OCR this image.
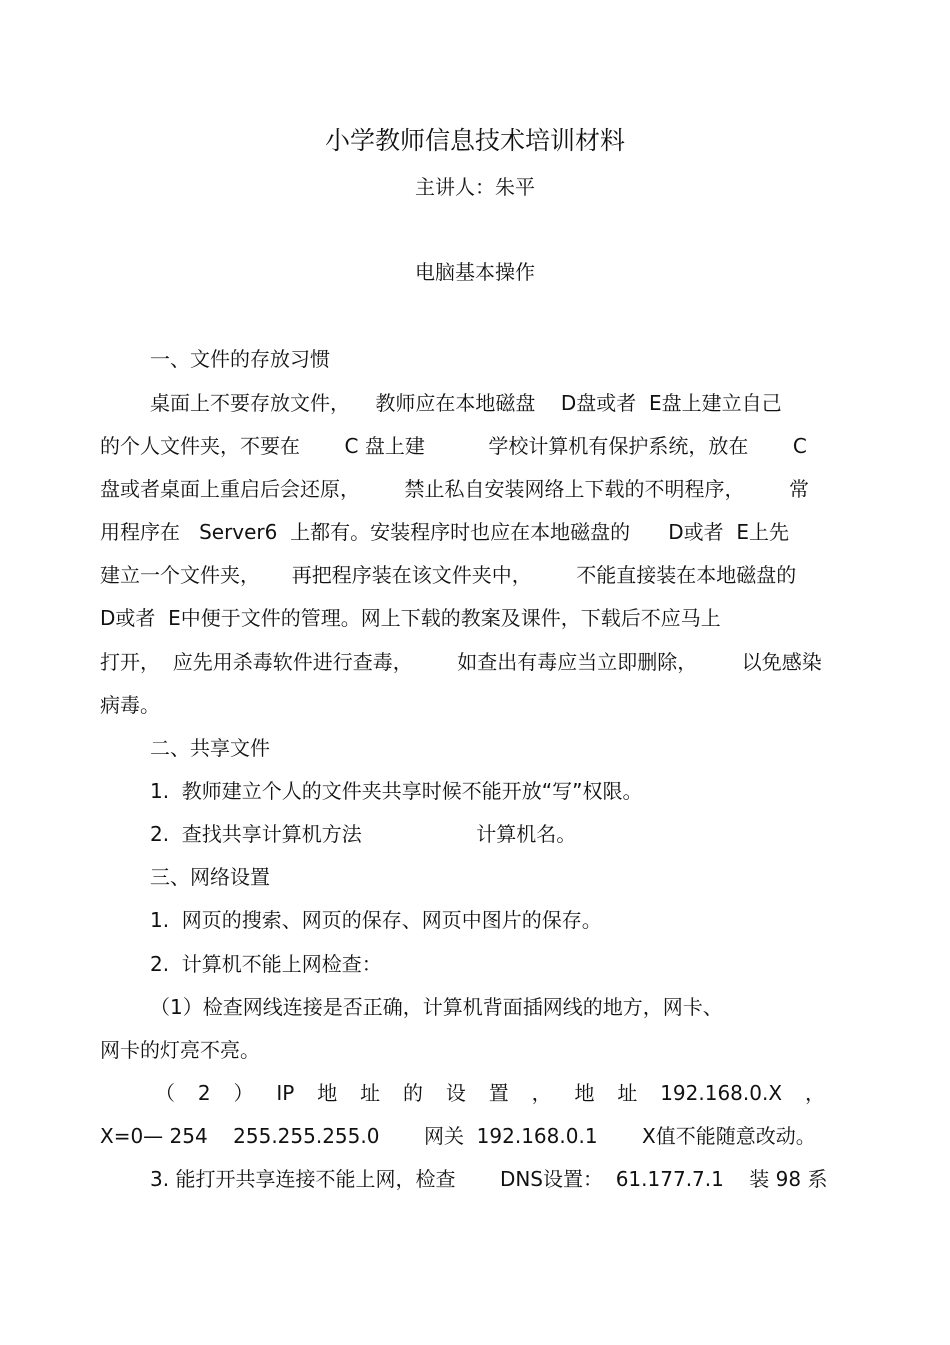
小学教师信息技术培训材料
主讲人：朱平
电脑基本操作
一、文件的存放习惯
桌面上不要存放文件，    教师应在本地磁盘    D盘或者  E盘上建立自己
的个人文件夹，不要在       C 盘上建          学校计算机有保护系统，放在       C
盘或者桌面上重启后会还原，       禁止私自安装网络上下载的不明程序，       常
用程序在   Server6  上都有。安装程序时也应在本地磁盘的      D或者  E上先
建立一个文件夹，     再把程序装在该文件夹中，       不能直接装在本地磁盘的
D或者  E中便于文件的管理。网上下载的教案及课件，下载后不应马上
打开，  应先用杀毒软件进行查毒，       如查出有毒应当立即删除，       以免感染
病毒。
二、共享文件
1.  教师建立个人的文件夹共享时候不能开放“写”权限。
2.  查找共享计算机方法                  计算机名。
三、网络设置
1.  网页的搜索、网页的保存、网页中图片的保存。
2.  计算机不能上网检查：
（1）检查网线连接是否正确，计算机背面插网线的地方，网卡、
网卡的灯亮不亮。
（ 2 ） IP 地 址 的 设 置 ， 地 址 192.168.0.X ，
X=0— 254    255.255.255.0       网关  192.168.0.1       X值不能随意改动。
3. 能打开共享连接不能上网，检查       DNS设置：  61.177.7.1    装 98 系
